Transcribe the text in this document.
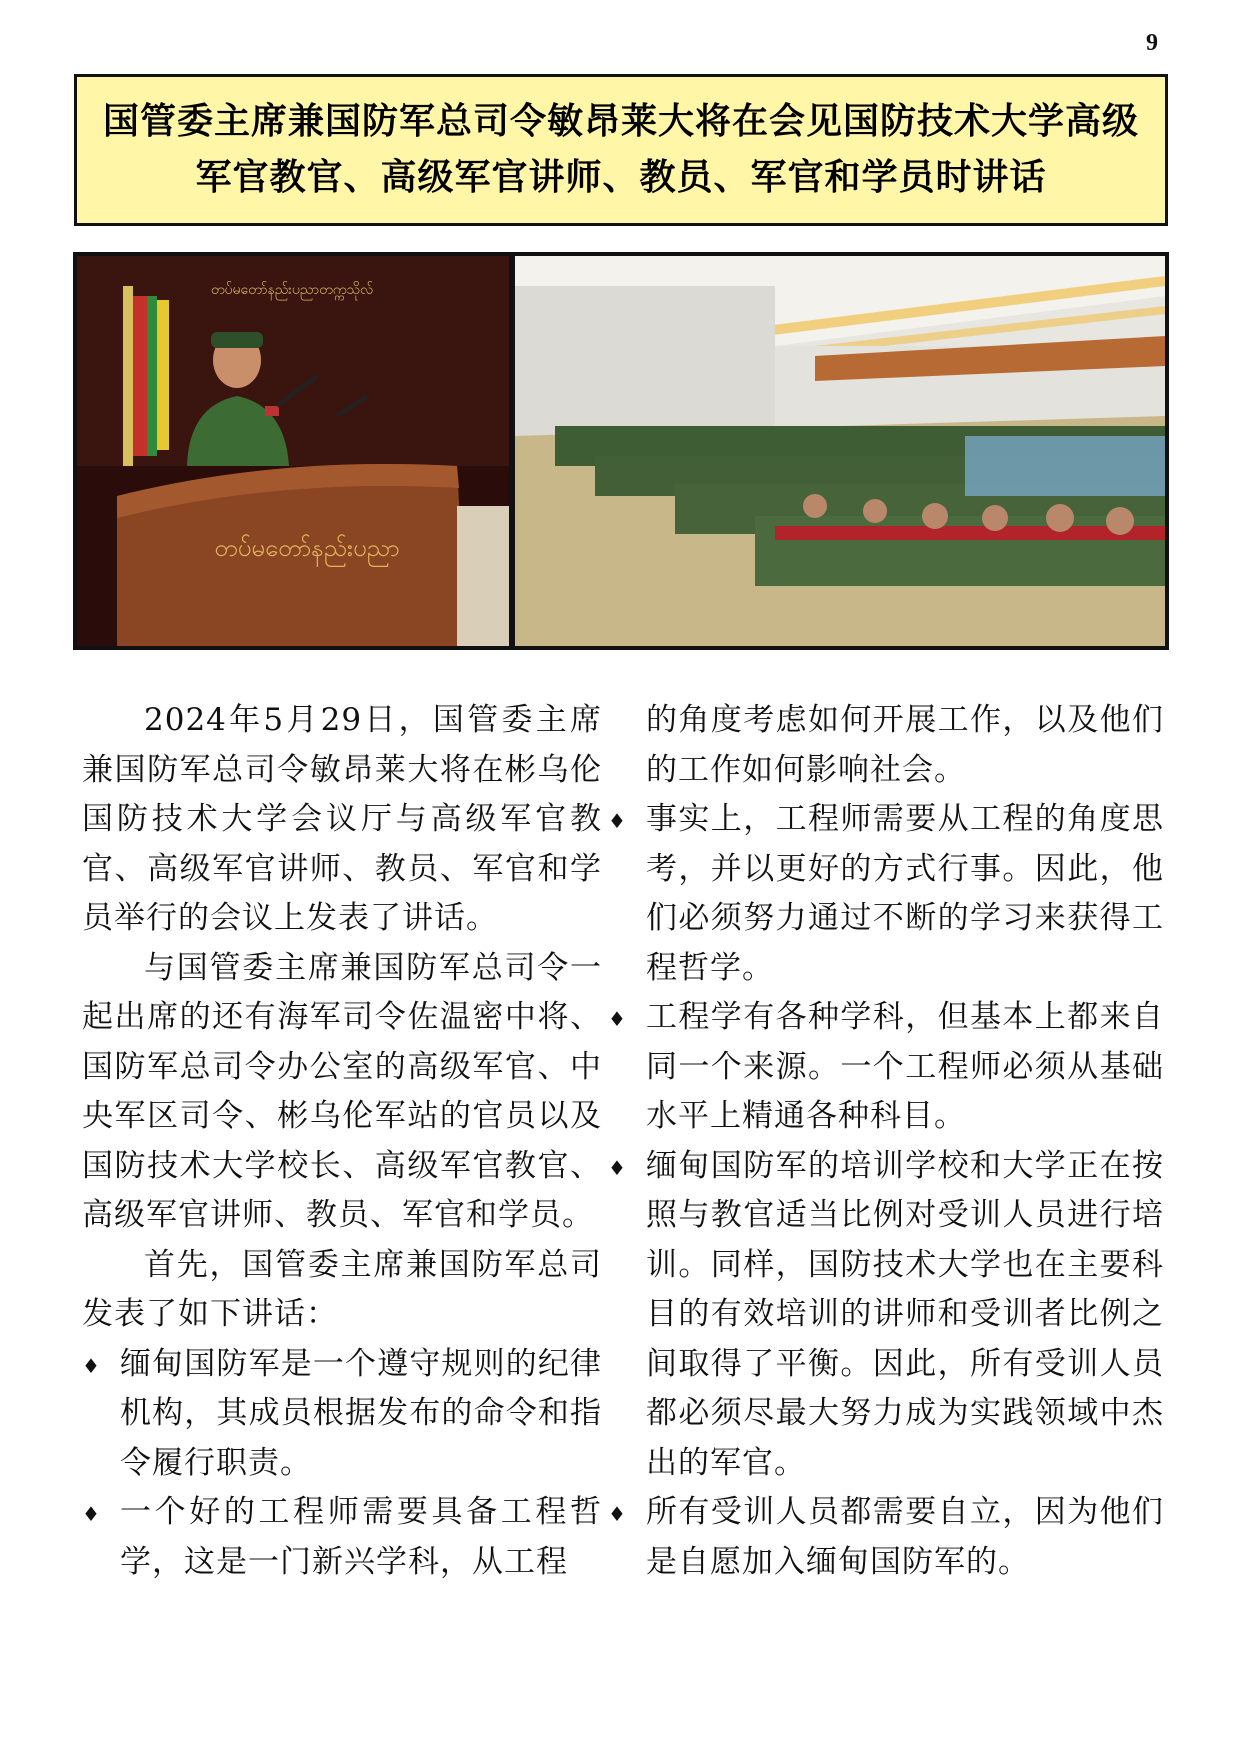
9
国管委主席兼国防军总司令敏昂莱大将在会见国防技术大学高级
军官教官、高级军官讲师、教员、军官和学员时讲话
တပ်မတော်နည်းပညာတက္ကသိုလ်
တပ်မတော်နည်းပညာ

2024年5月29日，国管委主席兼国防军总司令敏昂莱大将在彬乌伦国防技术大学会议厅与高级军官教官、高级军官讲师、教员、军官和学员举行的会议上发表了讲话。

与国管委主席兼国防军总司令一起出席的还有海军司令佐温密中将、国防军总司令办公室的高级军官、中央军区司令、彬乌伦军站的官员以及国防技术大学校长、高级军官教官、高级军官讲师、教员、军官和学员。

首先，国管委主席兼国防军总司发表了如下讲话：

♦ 缅甸国防军是一个遵守规则的纪律机构，其成员根据发布的命令和指令履行职责。

♦ 一个好的工程师需要具备工程哲学，这是一门新兴学科，从工程

的角度考虑如何开展工作，以及他们的工作如何影响社会。

♦ 事实上，工程师需要从工程的角度思考，并以更好的方式行事。因此，他们必须努力通过不断的学习来获得工程哲学。

♦ 工程学有各种学科，但基本上都来自同一个来源。一个工程师必须从基础水平上精通各种科目。

♦ 缅甸国防军的培训学校和大学正在按照与教官适当比例对受训人员进行培训。同样，国防技术大学也在主要科目的有效培训的讲师和受训者比例之间取得了平衡。因此，所有受训人员都必须尽最大努力成为实践领域中杰出的军官。

♦ 所有受训人员都需要自立，因为他们是自愿加入缅甸国防军的。
